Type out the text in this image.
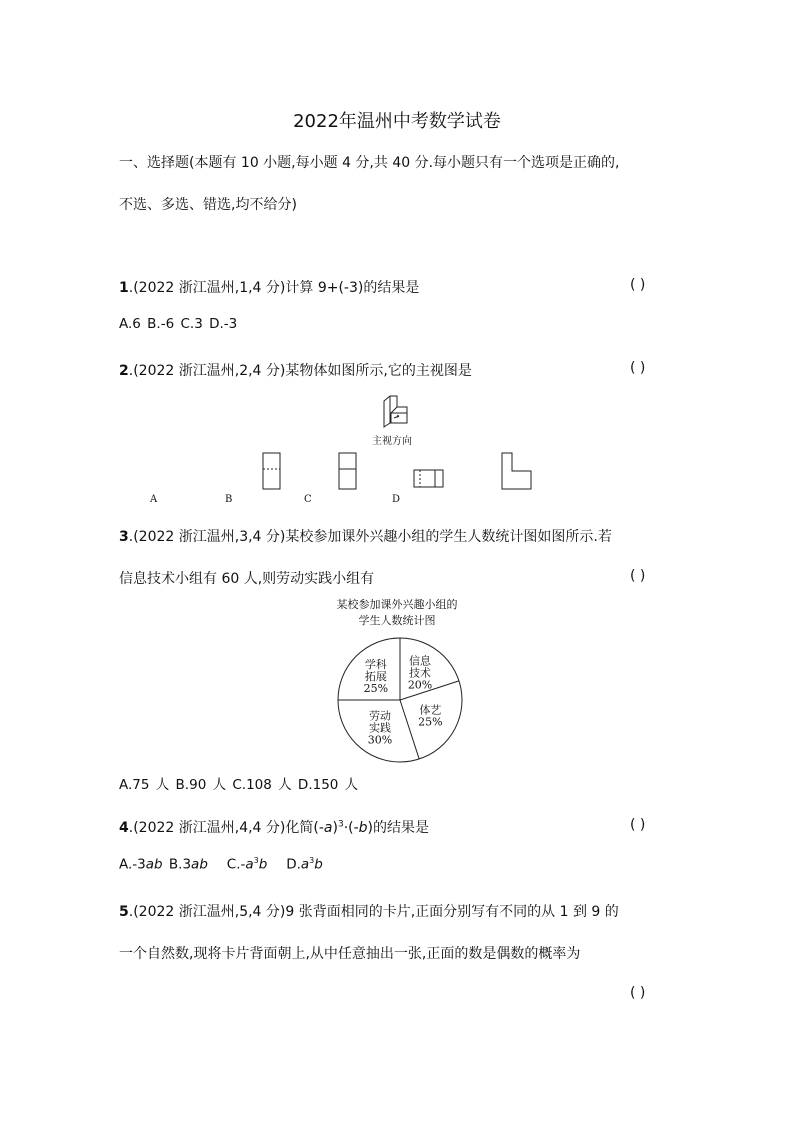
2022年温州中考数学试卷
一、选择题(本题有 10 小题,每小题 4 分,共 40 分.每小题只有一个选项是正确的,
不选、多选、错选,均不给分)
1.(2022 浙江温州,1,4 分)计算 9+(-3)的结果是	( )
A.6 B.-6 C.3 D.-3
2.(2022 浙江温州,2,4 分)某物体如图所示,它的主视图是	( )
主视方向
A	B	C	D
3.(2022 浙江温州,3,4 分)某校参加课外兴趣小组的学生人数统计图如图所示.若
信息技术小组有 60 人,则劳动实践小组有	( )
某校参加课外兴趣小组的
学生人数统计图
信息
技术
20%
体艺
25%
劳动
实践
30%
学科
拓展
25%
A.75 人 B.90 人 C.108 人 D.150 人
4.(2022 浙江温州,4,4 分)化简$(-a)^3\cdot(-b)$的结果是	( )
A.-3ab B.3ab $C.-a^3b$ $D.a^3b$
5.(2022 浙江温州,5,4 分)9 张背面相同的卡片,正面分别写有不同的从 1 到 9 的
一个自然数,现将卡片背面朝上,从中任意抽出一张,正面的数是偶数的概率为
( )
